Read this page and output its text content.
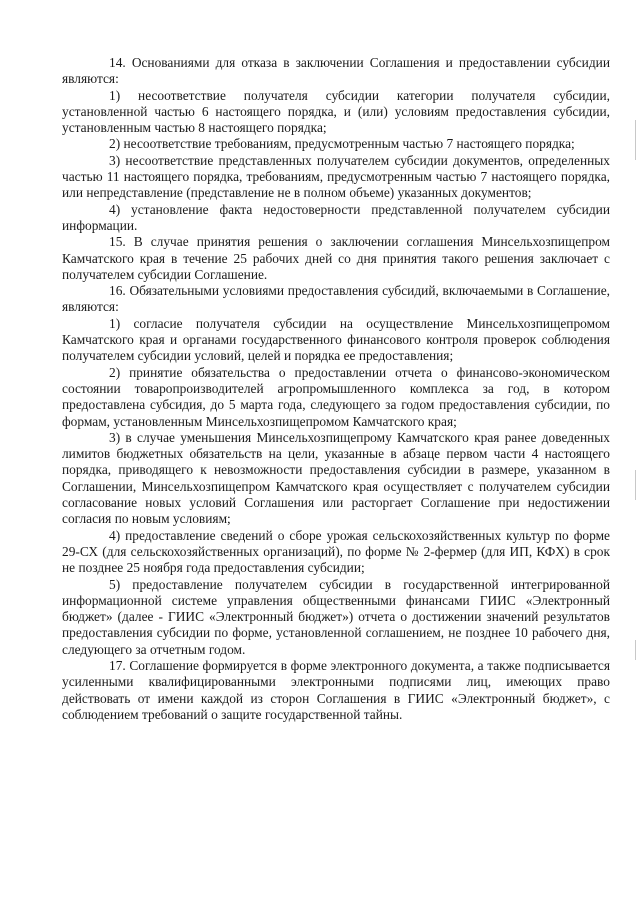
14. Основаниями для отказа в заключении Соглашения и предоставлении субсидии являются:

1) несоответствие получателя субсидии категории получателя субсидии, установленной частью 6 настоящего порядка, и (или) условиям предоставления субсидии, установленным частью 8 настоящего порядка;

2) несоответствие требованиям, предусмотренным частью 7 настоящего порядка;

3) несоответствие представленных получателем субсидии документов, определенных частью 11 настоящего порядка, требованиям, предусмотренным частью 7 настоящего порядка, или непредставление (представление не в полном объеме) указанных документов;

4) установление факта недостоверности представленной получателем субсидии информации.

15. В случае принятия решения о заключении соглашения Минсельхозпищепром Камчатского края в течение 25 рабочих дней со дня принятия такого решения заключает с получателем субсидии Соглашение.

16. Обязательными условиями предоставления субсидий, включаемыми в Соглашение, являются:

1) согласие получателя субсидии на осуществление Минсельхозпищепромом Камчатского края и органами государственного финансового контроля проверок соблюдения получателем субсидии условий, целей и порядка ее предоставления;

2) принятие обязательства о предоставлении отчета о финансово-экономическом состоянии товаропроизводителей агропромышленного комплекса за год, в котором предоставлена субсидия, до 5 марта года, следующего за годом предоставления субсидии, по формам, установленным Минсельхозпищепромом Камчатского края;

3) в случае уменьшения Минсельхозпищепрому Камчатского края ранее доведенных лимитов бюджетных обязательств на цели, указанные в абзаце первом части 4 настоящего порядка, приводящего к невозможности предоставления субсидии в размере, указанном в Соглашении, Минсельхозпищепром Камчатского края осуществляет с получателем субсидии согласование новых условий Соглашения или расторгает Соглашение при недостижении согласия по новым условиям;

4) предоставление сведений о сборе урожая сельскохозяйственных культур по форме 29-СХ (для сельскохозяйственных организаций), по форме № 2-фермер (для ИП, КФХ) в срок не позднее 25 ноября года предоставления субсидии;

5) предоставление получателем субсидии в государственной интегрированной информационной системе управления общественными финансами ГИИС «Электронный бюджет» (далее - ГИИС «Электронный бюджет») отчета о достижении значений результатов предоставления субсидии по форме, установленной соглашением, не позднее 10 рабочего дня, следующего за отчетным годом.

17. Соглашение формируется в форме электронного документа, а также подписывается усиленными квалифицированными электронными подписями лиц, имеющих право действовать от имени каждой из сторон Соглашения в ГИИС «Электронный бюджет», с соблюдением требований о защите государственной тайны.
